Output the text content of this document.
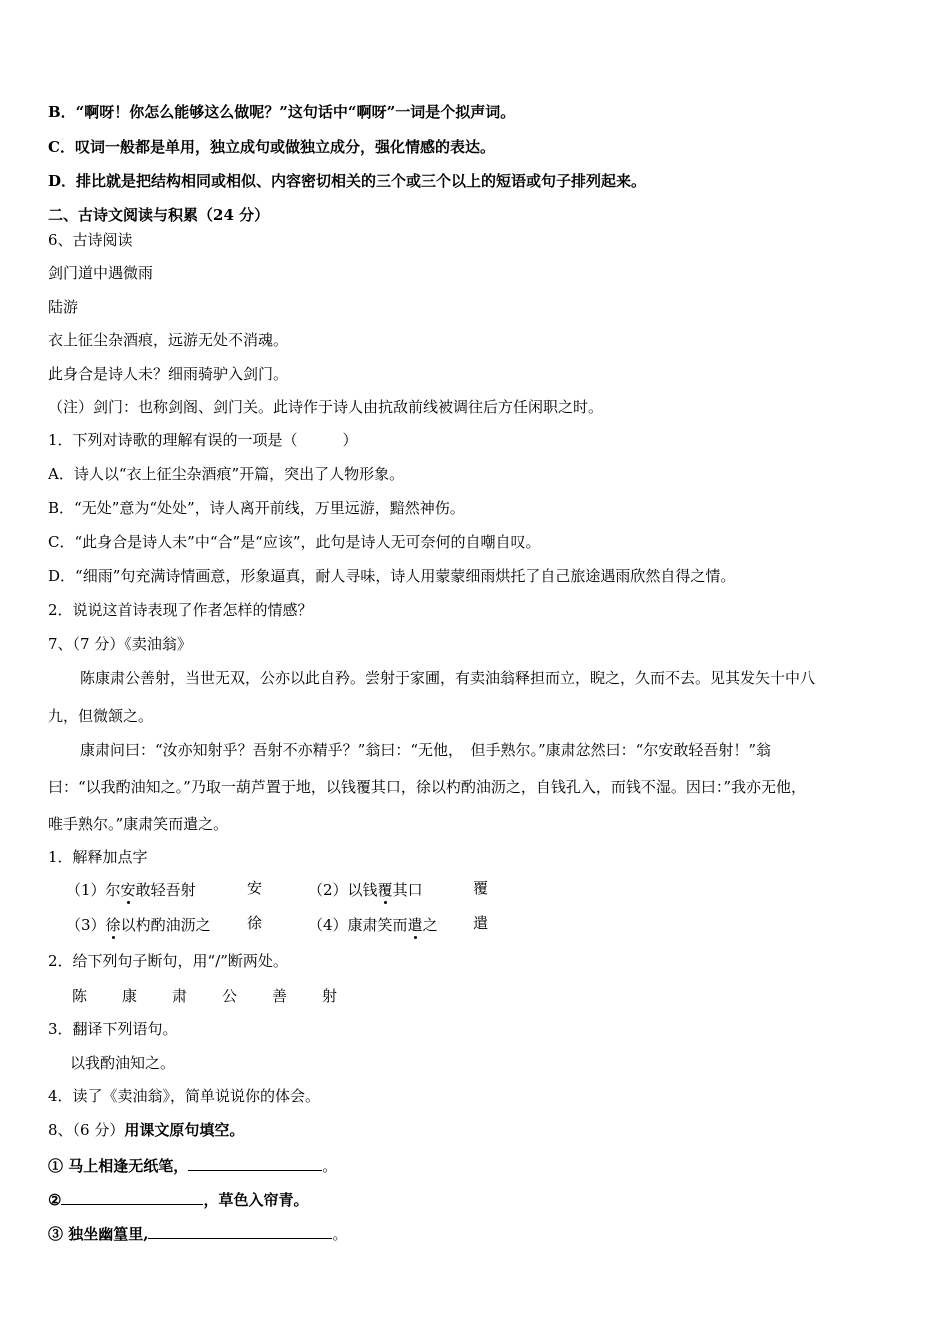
B．“啊呀！你怎么能够这么做呢？”这句话中“啊呀”一词是个拟声词。
C．叹词一般都是单用，独立成句或做独立成分，强化情感的表达。
D．排比就是把结构相同或相似、内容密切相关的三个或三个以上的短语或句子排列起来。
二、古诗文阅读与积累（24 分）
6、古诗阅读
剑门道中遇微雨
陆游
衣上征尘杂酒痕，远游无处不消魂。
此身合是诗人未？细雨骑驴入剑门。
（注）剑门：也称剑阁、剑门关。此诗作于诗人由抗敌前线被调往后方任闲职之时。
1．下列对诗歌的理解有误的一项是（　　　）
A．诗人以“衣上征尘杂酒痕”开篇，突出了人物形象。
B．“无处”意为“处处”，诗人离开前线，万里远游，黯然神伤。
C．“此身合是诗人未”中“合”是“应该”，此句是诗人无可奈何的自嘲自叹。
D．“细雨”句充满诗情画意，形象逼真，耐人寻味，诗人用蒙蒙细雨烘托了自己旅途遇雨欣然自得之情。
2．说说这首诗表现了作者怎样的情感？
7、（7 分）《卖油翁》
陈康肃公善射，当世无双，公亦以此自矜。尝射于家圃，有卖油翁释担而立，睨之，久而不去。见其发矢十中八
九，但微颔之。
康肃问曰：“汝亦知射乎？吾射不亦精乎？”翁曰：“无他，　但手熟尔。”康肃忿然曰：“尔安敢轻吾射！”翁
曰：“以我酌油知之。”乃取一葫芦置于地，以钱覆其口，徐以杓酌油沥之，自钱孔入，而钱不湿。因曰：”我亦无他，
唯手熟尔。”康肃笑而遣之。
1．解释加点字
（1）尔安敢轻吾射	安	（2）以钱覆其口	覆
（3）徐以杓酌油沥之 徐	（4）康肃笑而遣之 遣
2．给下列句子断句，用“/”断两处。
陈 康 肃 公 善 射
3．翻译下列语句。
以我酌油知之。
4．读了《卖油翁》，简单说说你的体会。
8、（6 分）用课文原句填空。
① 马上相逢无纸笔，	。
②	，草色入帘青。
③ 独坐幽篁里,	。
